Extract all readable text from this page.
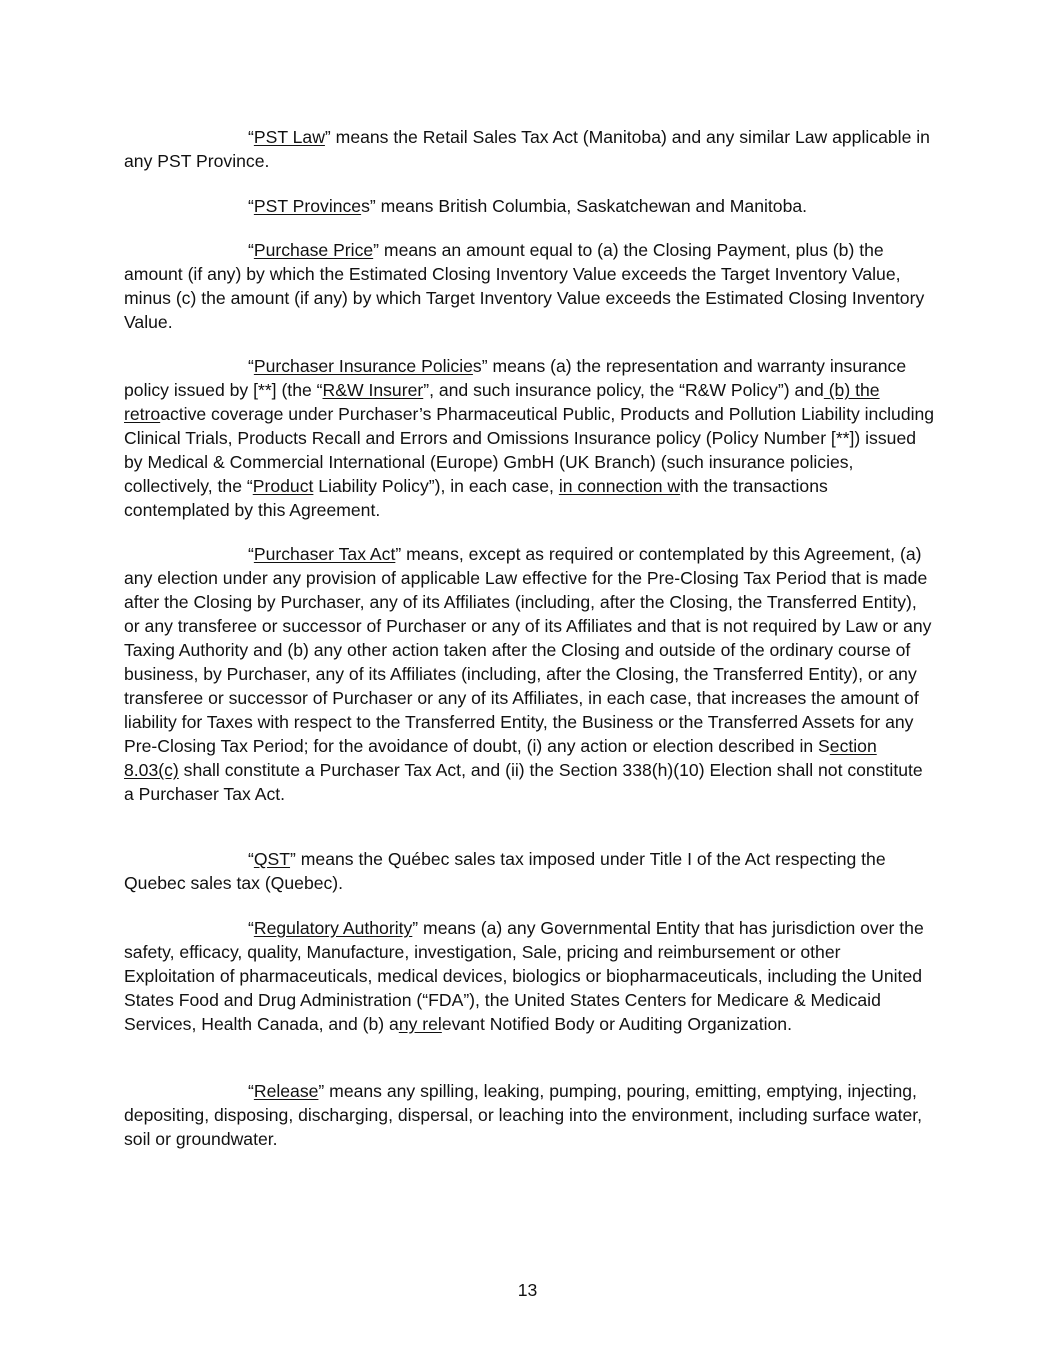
“PST Law” means the Retail Sales Tax Act (Manitoba) and any similar Law applicable in any PST Province.

“PST Provinces” means British Columbia, Saskatchewan and Manitoba.

“Purchase Price” means an amount equal to (a) the Closing Payment, plus (b) the amount (if any) by which the Estimated Closing Inventory Value exceeds the Target Inventory Value, minus (c) the amount (if any) by which Target Inventory Value exceeds the Estimated Closing Inventory Value.

“Purchaser Insurance Policies” means (a) the representation and warranty insurance policy issued by [**] (the “R&W Insurer”, and such insurance policy, the “R&W Policy”) and (b) the retroactive coverage under Purchaser’s Pharmaceutical Public, Products and Pollution Liability including Clinical Trials, Products Recall and Errors and Omissions Insurance policy (Policy Number [**]) issued by Medical & Commercial International (Europe) GmbH (UK Branch) (such insurance policies, collectively, the “Product Liability Policy”), in each case, in connection with the transactions contemplated by this Agreement.

“Purchaser Tax Act” means, except as required or contemplated by this Agreement, (a) any election under any provision of applicable Law effective for the Pre-Closing Tax Period that is made after the Closing by Purchaser, any of its Affiliates (including, after the Closing, the Transferred Entity), or any transferee or successor of Purchaser or any of its Affiliates and that is not required by Law or any Taxing Authority and (b) any other action taken after the Closing and outside of the ordinary course of business, by Purchaser, any of its Affiliates (including, after the Closing, the Transferred Entity), or any transferee or successor of Purchaser or any of its Affiliates, in each case, that increases the amount of liability for Taxes with respect to the Transferred Entity, the Business or the Transferred Assets for any Pre-Closing Tax Period; for the avoidance of doubt, (i) any action or election described in Section 8.03(c) shall constitute a Purchaser Tax Act, and (ii) the Section 338(h)(10) Election shall not constitute a Purchaser Tax Act.

“QST” means the Québec sales tax imposed under Title I of the Act respecting the Quebec sales tax (Quebec).

“Regulatory Authority” means (a) any Governmental Entity that has jurisdiction over the safety, efficacy, quality, Manufacture, investigation, Sale, pricing and reimbursement or other Exploitation of pharmaceuticals, medical devices, biologics or biopharmaceuticals, including the United States Food and Drug Administration (“FDA”), the United States Centers for Medicare & Medicaid Services, Health Canada, and (b) any relevant Notified Body or Auditing Organization.

“Release” means any spilling, leaking, pumping, pouring, emitting, emptying, injecting, depositing, disposing, discharging, dispersal, or leaching into the environment, including surface water, soil or groundwater.

13
